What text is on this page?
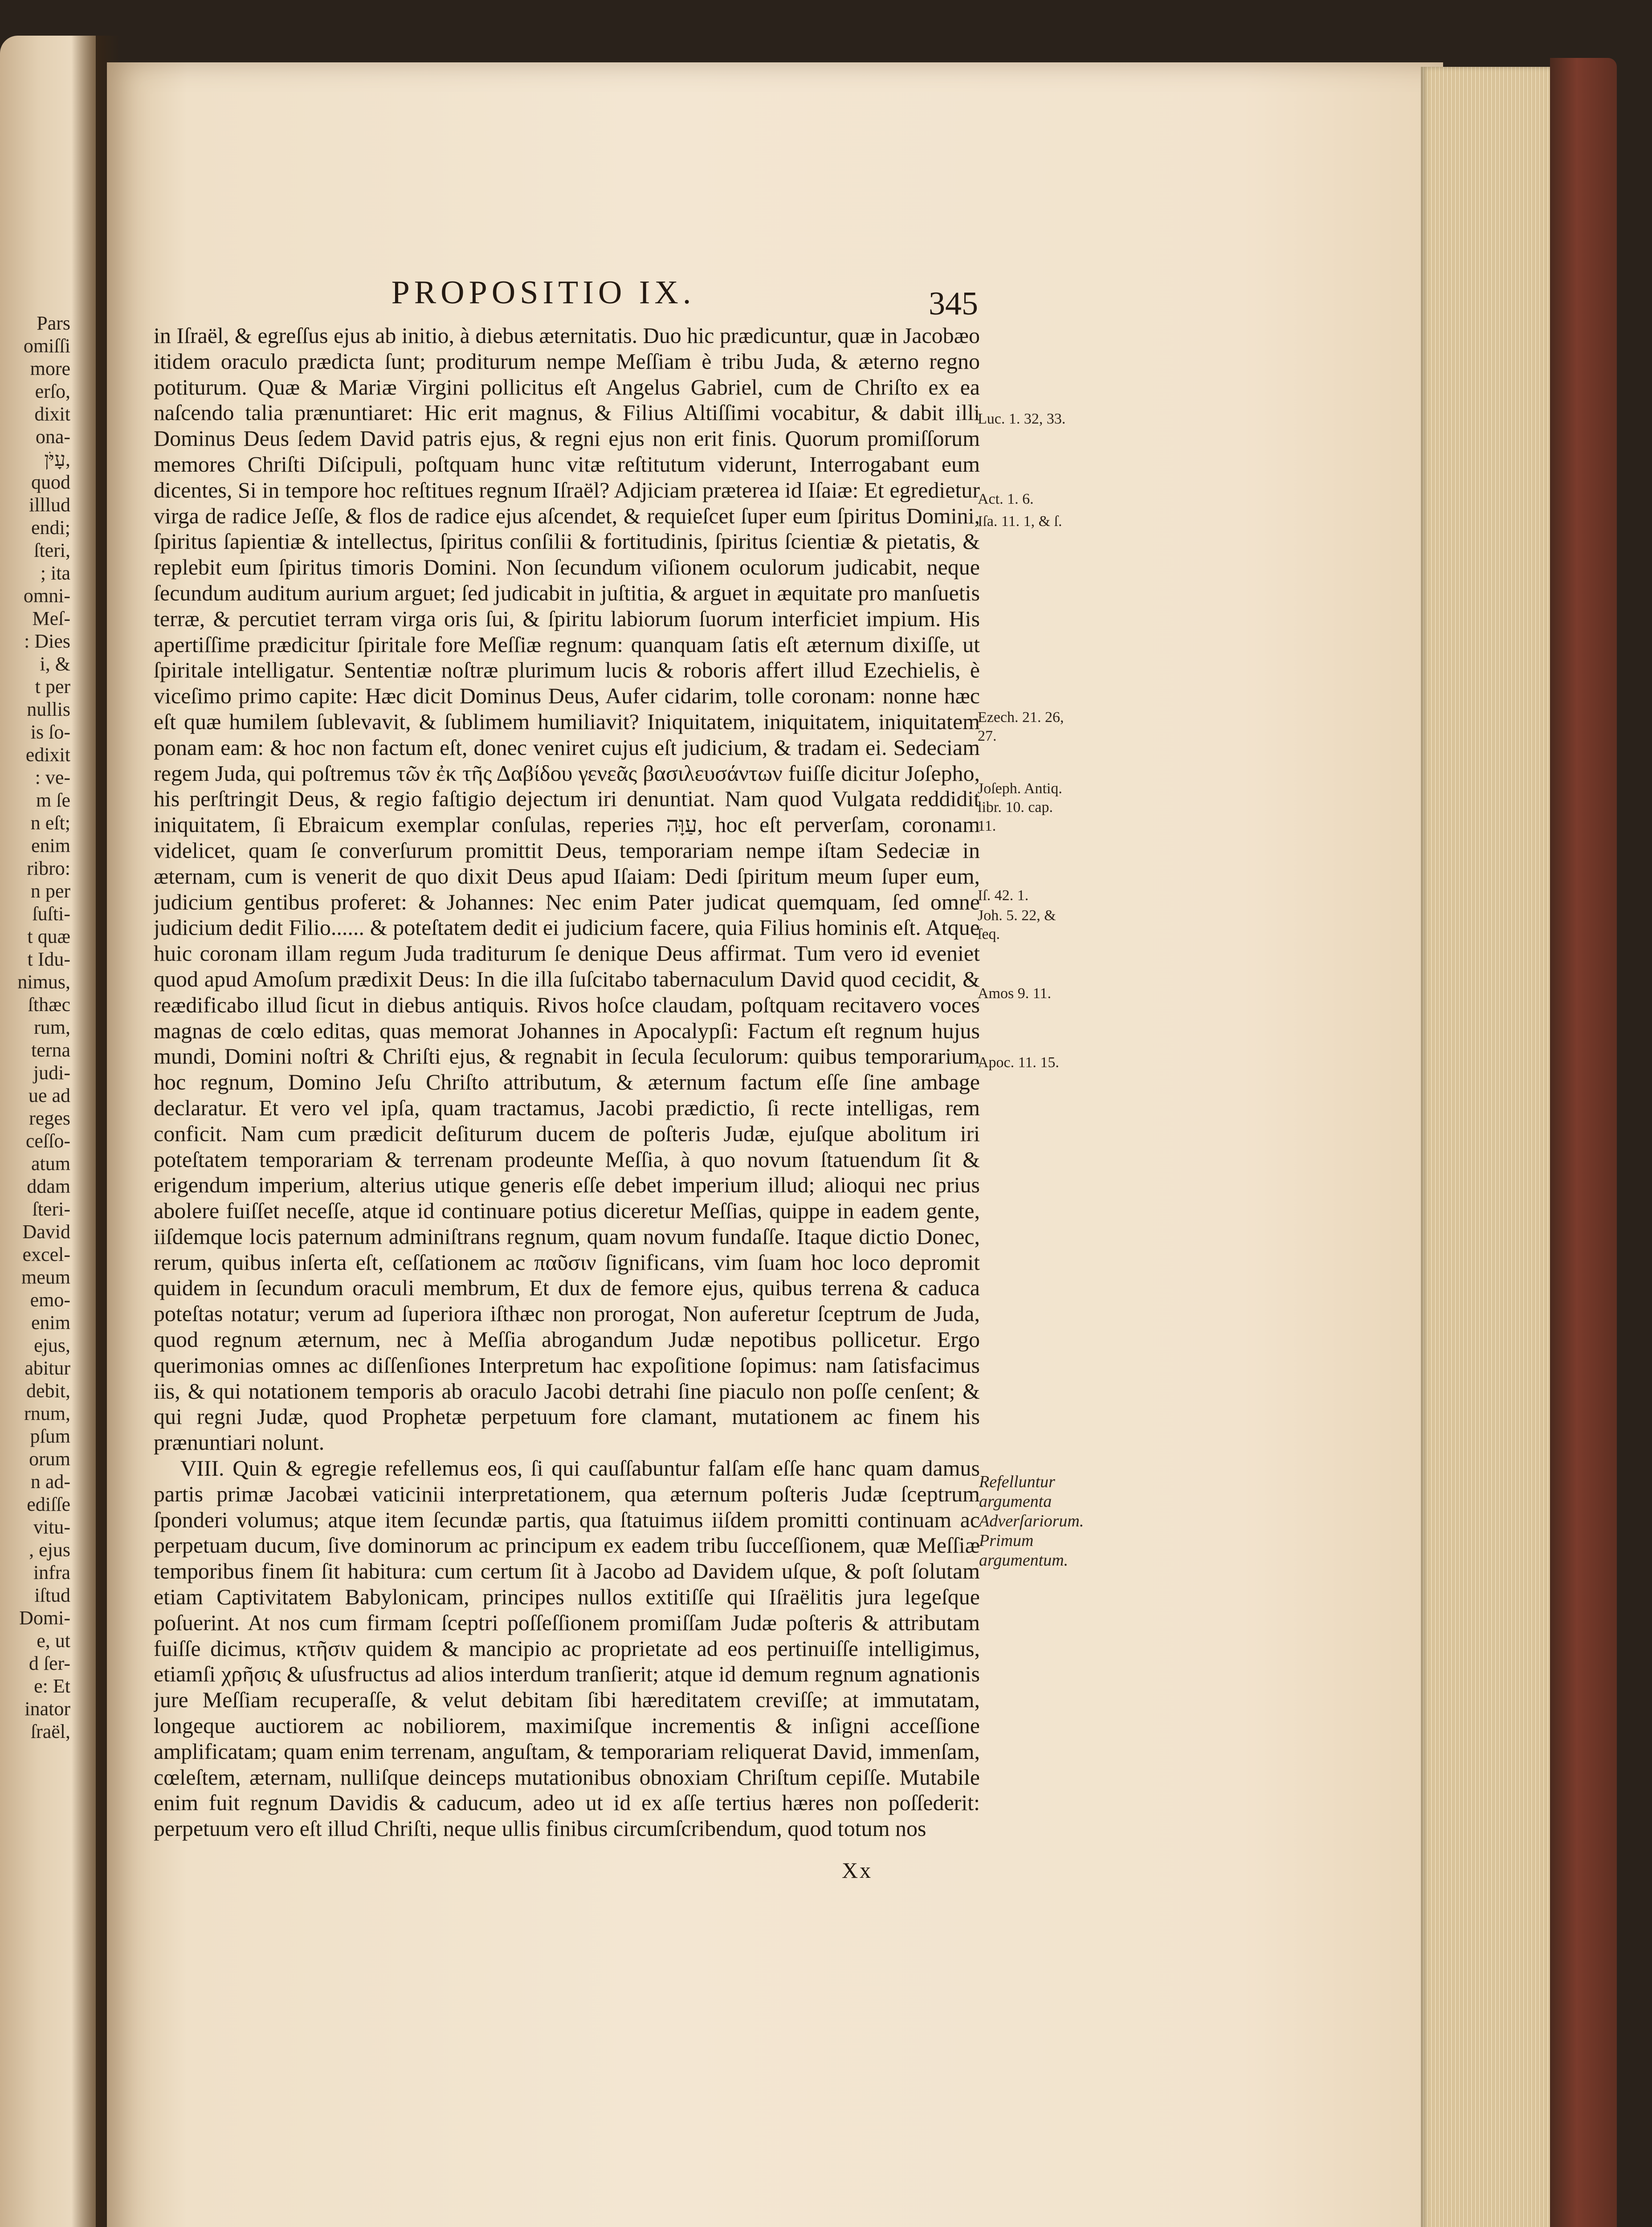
Pars
omiſſi
more
erſo,
dixit
ona-
עָיֹּן,
quod
illlud
endi;
ſteri,
; ita
omni-
Meſ-
: Dies
i, &
t per
nullis
is ſo-
edixit
: ve-
m ſe
n eſt;
enim
ribro:
n per
ſuſti-
t quæ
t Idu-
nimus,
ſthæc
rum,
terna
judi-
ue ad
reges
ceſſo-
atum
ddam
ſteri-
David
excel-
meum
emo-
enim
ejus,
abitur
debit,
rnum,
pſum
orum
n ad-
ediſſe
vitu-
, ejus
infra
iſtud
Domi-
e, ut
d ſer-
e: Et
inator
ſraël,
PROPOSITIO IX.	345

in Iſraël, & egreſſus ejus ab initio, à diebus æternitatis. Duo hic prædicuntur, quæ in Jacobæo itidem oraculo prædicta ſunt; proditurum nempe Meſſiam è tribu Juda, & æterno regno potiturum. Quæ & Mariæ Virgini pollicitus eſt Angelus Gabriel, cum de Chriſto ex ea naſcendo talia prænuntiaret: Hic erit magnus, & Filius Altiſſimi vocabitur, & dabit illi Dominus Deus ſedem David patris ejus, & regni ejus non erit finis. Quorum promiſſorum memores Chriſti Diſcipuli, poſtquam hunc vitæ reſtitutum viderunt, Interrogabant eum dicentes, Si in tempore hoc reſtitues regnum Iſraël? Adjiciam præterea id Iſaiæ: Et egredietur virga de radice Jeſſe, & flos de radice ejus aſcendet, & requieſcet ſuper eum ſpiritus Domini, ſpiritus ſapientiæ & intellectus, ſpiritus conſilii & fortitudinis, ſpiritus ſcientiæ & pietatis, & replebit eum ſpiritus timoris Domini. Non ſecundum viſionem oculorum judicabit, neque ſecundum auditum aurium arguet; ſed judicabit in juſtitia, & arguet in æquitate pro manſuetis terræ, & percutiet terram virga oris ſui, & ſpiritu labiorum ſuorum interficiet impium. His apertiſſime prædicitur ſpiritale fore Meſſiæ regnum: quanquam ſatis eſt æternum dixiſſe, ut ſpiritale intelligatur. Sententiæ noſtræ plurimum lucis & roboris affert illud Ezechielis, è viceſimo primo capite: Hæc dicit Dominus Deus, Aufer cidarim, tolle coronam: nonne hæc eſt quæ humilem ſublevavit, & ſublimem humiliavit? Iniquitatem, iniquitatem, iniquitatem ponam eam: & hoc non factum eſt, donec veniret cujus eſt judicium, & tradam ei. Sedeciam regem Juda, qui poſtremus τῶν ἐκ τῆς Δαβίδου γενεᾶς βασιλευσάντων fuiſſe dicitur Joſepho, his perſtringit Deus, & regio faſtigio dejectum iri denuntiat. Nam quod Vulgata reddidit iniquitatem, ſi Ebraicum exemplar conſulas, reperies עַוָּה, hoc eſt perverſam, coronam videlicet, quam ſe converſurum promittit Deus, temporariam nempe iſtam Sedeciæ in æternam, cum is venerit de quo dixit Deus apud Iſaiam: Dedi ſpiritum meum ſuper eum, judicium gentibus proferet: & Johannes: Nec enim Pater judicat quemquam, ſed omne judicium dedit Filio...... & poteſtatem dedit ei judicium facere, quia Filius hominis eſt. Atque huic coronam illam regum Juda traditurum ſe denique Deus affirmat. Tum vero id eveniet quod apud Amoſum prædixit Deus: In die illa ſuſcitabo tabernaculum David quod cecidit, & reædificabo illud ſicut in diebus antiquis. Rivos hoſce claudam, poſtquam recitavero voces magnas de cœlo editas, quas memorat Johannes in Apocalypſi: Factum eſt regnum hujus mundi, Domini noſtri & Chriſti ejus, & regnabit in ſecula ſeculorum: quibus temporarium hoc regnum, Domino Jeſu Chriſto attributum, & æternum factum eſſe ſine ambage declaratur. Et vero vel ipſa, quam tractamus, Jacobi prædictio, ſi recte intelligas, rem conficit. Nam cum prædicit deſiturum ducem de poſteris Judæ, ejuſque abolitum iri poteſtatem temporariam & terrenam prodeunte Meſſia, à quo novum ſtatuendum ſit & erigendum imperium, alterius utique generis eſſe debet imperium illud; alioqui nec prius abolere fuiſſet neceſſe, atque id continuare potius diceretur Meſſias, quippe in eadem gente, iiſdemque locis paternum adminiſtrans regnum, quam novum fundaſſe. Itaque dictio Donec, rerum, quibus inſerta eſt, ceſſationem ac παῦσιν ſignificans, vim ſuam hoc loco depromit quidem in ſecundum oraculi membrum, Et dux de femore ejus, quibus terrena & caduca poteſtas notatur; verum ad ſuperiora iſthæc non prorogat, Non auferetur ſceptrum de Juda, quod regnum æternum, nec à Meſſia abrogandum Judæ nepotibus pollicetur. Ergo querimonias omnes ac diſſenſiones Interpretum hac expoſitione ſopimus: nam ſatisfacimus iis, & qui notationem temporis ab oraculo Jacobi detrahi ſine piaculo non poſſe cenſent; & qui regni Judæ, quod Prophetæ perpetuum fore clamant, mutationem ac finem his prænuntiari nolunt.

VIII. Quin & egregie refellemus eos, ſi qui cauſſabuntur falſam eſſe hanc quam damus partis primæ Jacobæi vaticinii interpretationem, qua æternum poſteris Judæ ſceptrum ſponderi volumus; atque item ſecundæ partis, qua ſtatuimus iiſdem promitti continuam ac perpetuam ducum, ſive dominorum ac principum ex eadem tribu ſucceſſionem, quæ Meſſiæ temporibus finem ſit habitura: cum certum ſit à Jacobo ad Davidem uſque, & poſt ſolutam etiam Captivitatem Babylonicam, principes nullos extitiſſe qui Iſraëlitis jura legeſque poſuerint. At nos cum firmam ſceptri poſſeſſionem promiſſam Judæ poſteris & attributam fuiſſe dicimus, κτῆσιν quidem & mancipio ac proprietate ad eos pertinuiſſe intelligimus, etiamſi χρῆσις & uſusfructus ad alios interdum tranſierit; atque id demum regnum agnationis jure Meſſiam recuperaſſe, & velut debitam ſibi hæreditatem creviſſe; at immutatam, longeque auctiorem ac nobiliorem, maximiſque incrementis & inſigni acceſſione amplificatam; quam enim terrenam, anguſtam, & temporariam reliquerat David, immenſam, cœleſtem, æternam, nulliſque deinceps mutationibus obnoxiam Chriſtum cepiſſe. Mutabile enim fuit regnum Davidis & caducum, adeo ut id ex aſſe tertius hæres non poſſederit: perpetuum vero eſt illud Chriſti, neque ullis finibus circumſcribendum, quod totum nos

Luc. 1. 32, 33.
Act. 1. 6.
Iſa. 11. 1, & ſ.
Ezech. 21. 26, 27.
Joſeph. Antiq. libr. 10. cap. 11.
Iſ. 42. 1.
Joh. 5. 22, & ſeq.
Amos 9. 11.
Apoc. 11. 15.
Refelluntur argumenta Adverſariorum. Primum argumentum.
Xx
